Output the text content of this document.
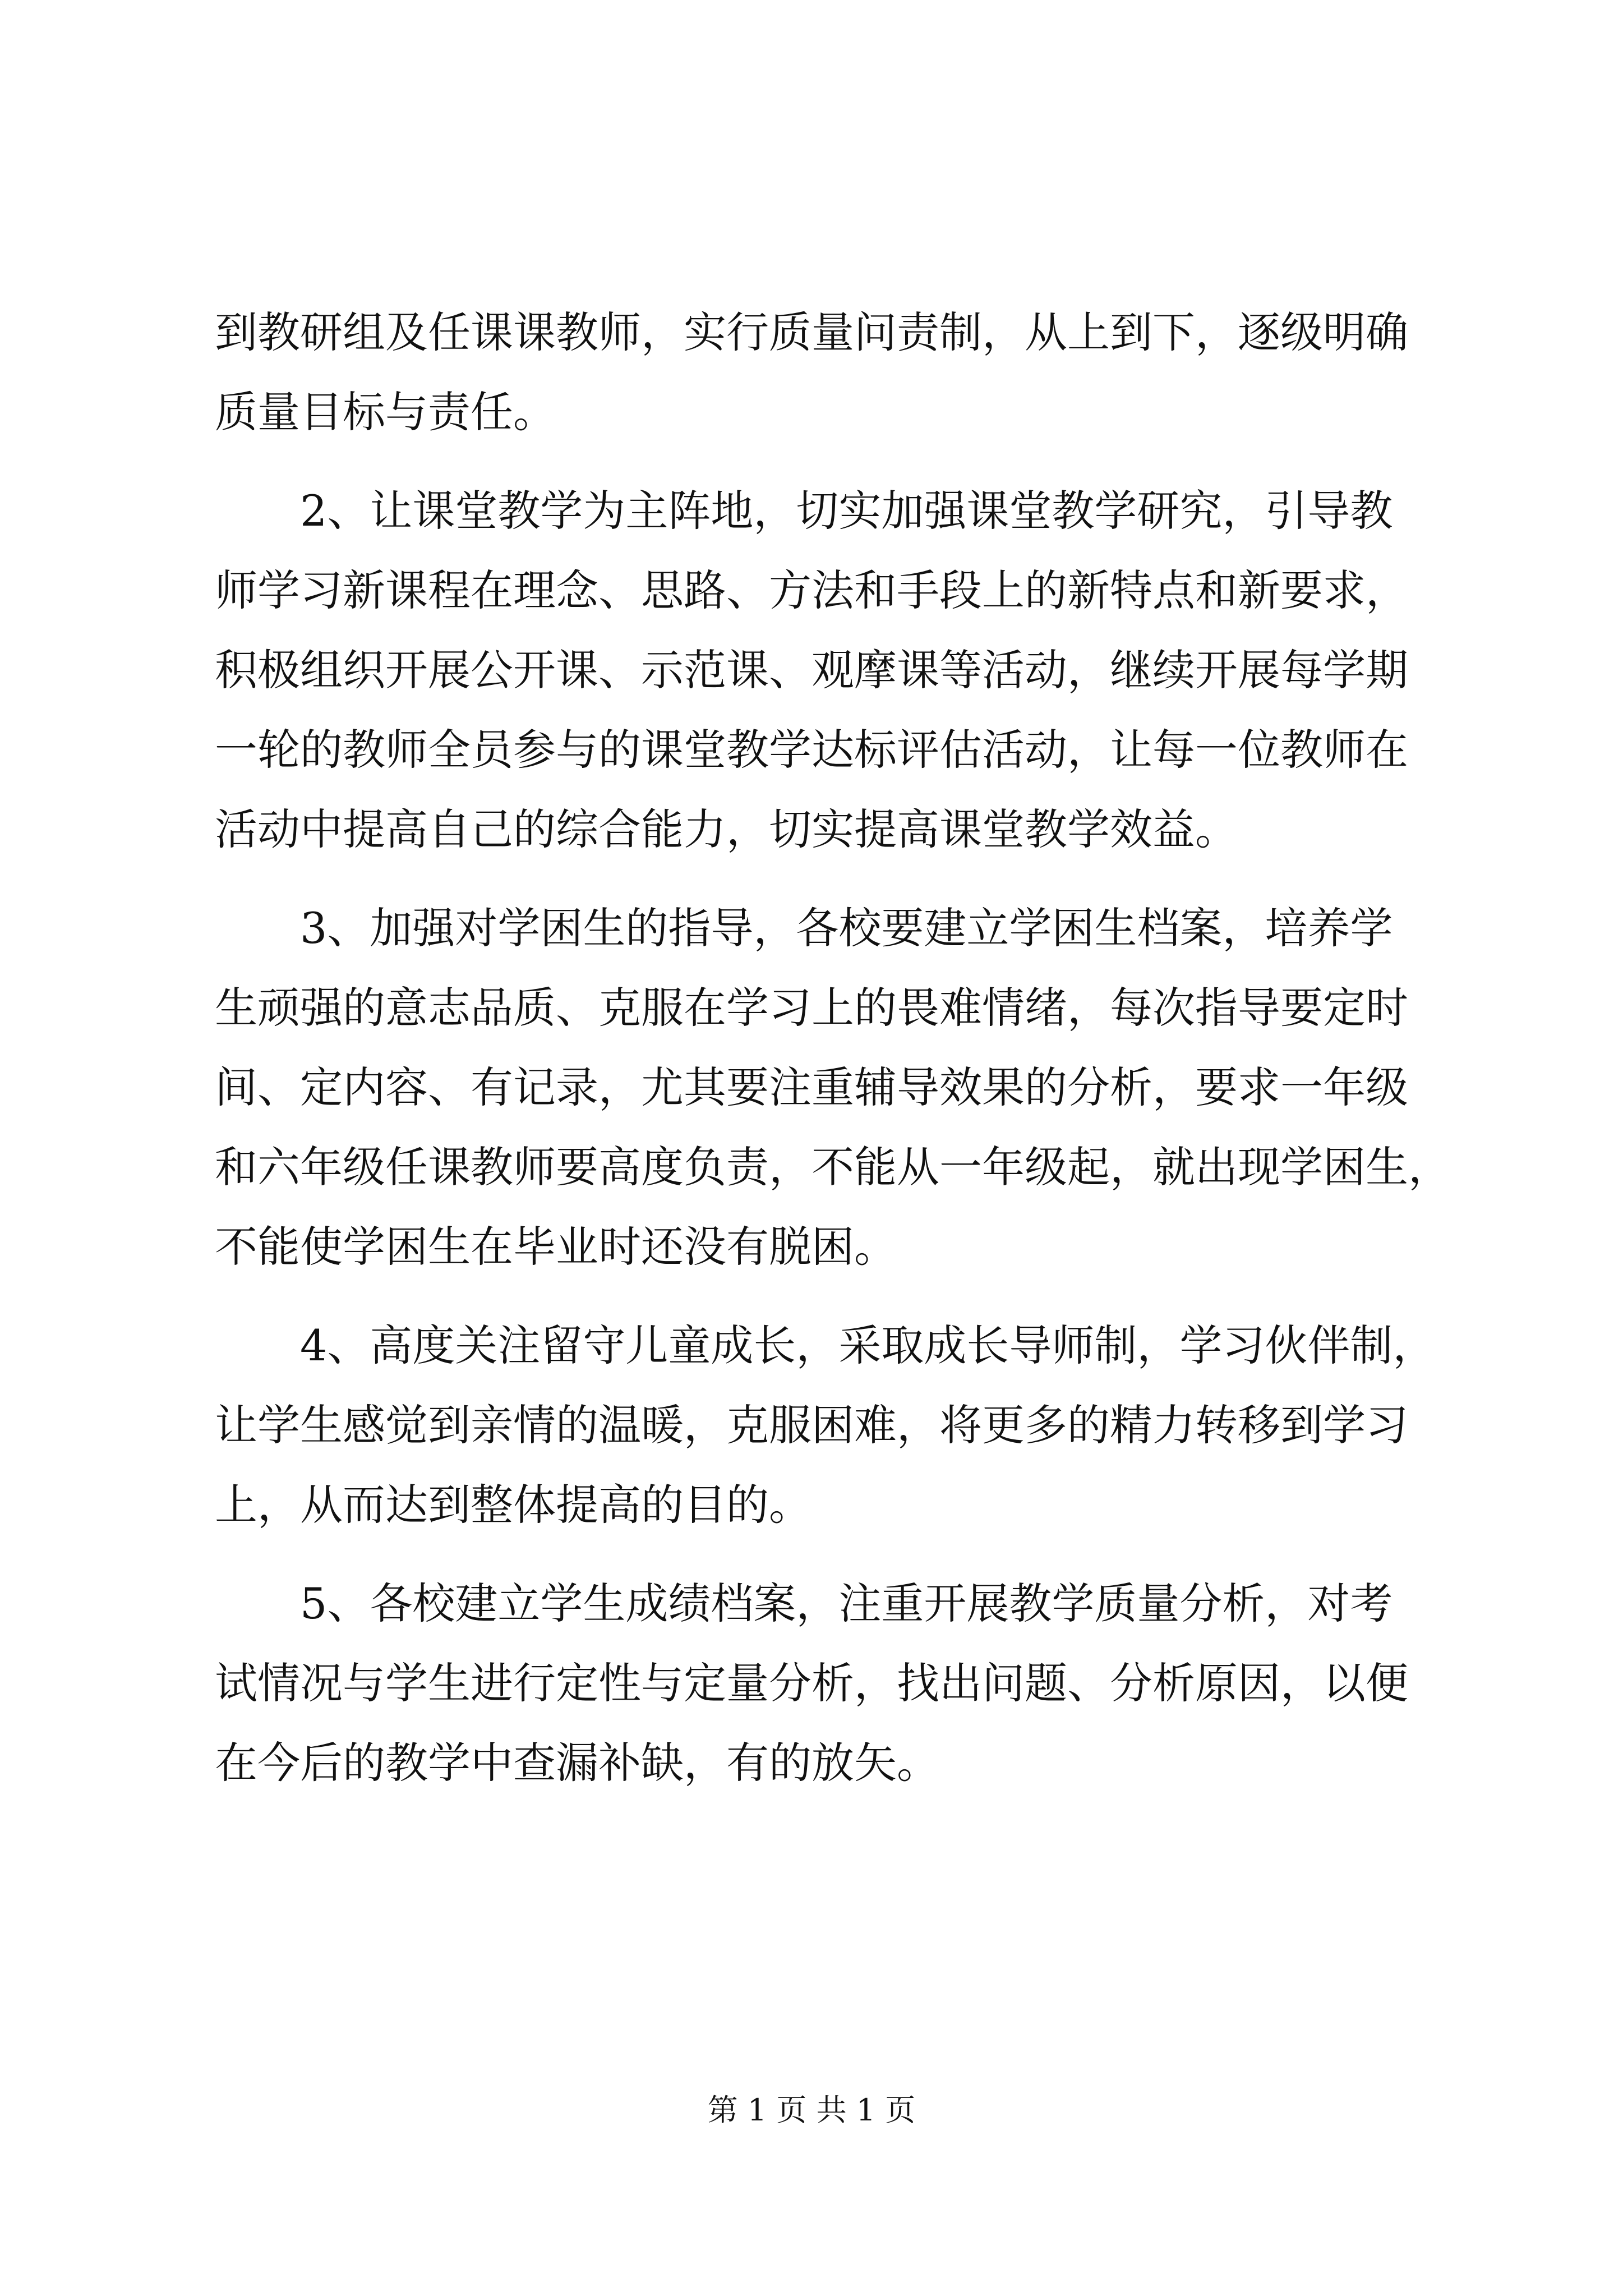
到教研组及任课课教师，实行质量问责制，从上到下，逐级明确
质量目标与责任。
2、让课堂教学为主阵地，切实加强课堂教学研究，引导教
师学习新课程在理念、思路、方法和手段上的新特点和新要求，
积极组织开展公开课、示范课、观摩课等活动，继续开展每学期
一轮的教师全员参与的课堂教学达标评估活动，让每一位教师在
活动中提高自己的综合能力，切实提高课堂教学效益。
3、加强对学困生的指导，各校要建立学困生档案，培养学
生顽强的意志品质、克服在学习上的畏难情绪，每次指导要定时
间、定内容、有记录，尤其要注重辅导效果的分析，要求一年级
和六年级任课教师要高度负责，不能从一年级起，就出现学困生，
不能使学困生在毕业时还没有脱困。
4、高度关注留守儿童成长，采取成长导师制，学习伙伴制，
让学生感觉到亲情的温暖，克服困难，将更多的精力转移到学习
上，从而达到整体提高的目的。
5、各校建立学生成绩档案，注重开展教学质量分析，对考
试情况与学生进行定性与定量分析，找出问题、分析原因，以便
在今后的教学中查漏补缺，有的放矢。
第 1 页 共 1 页
